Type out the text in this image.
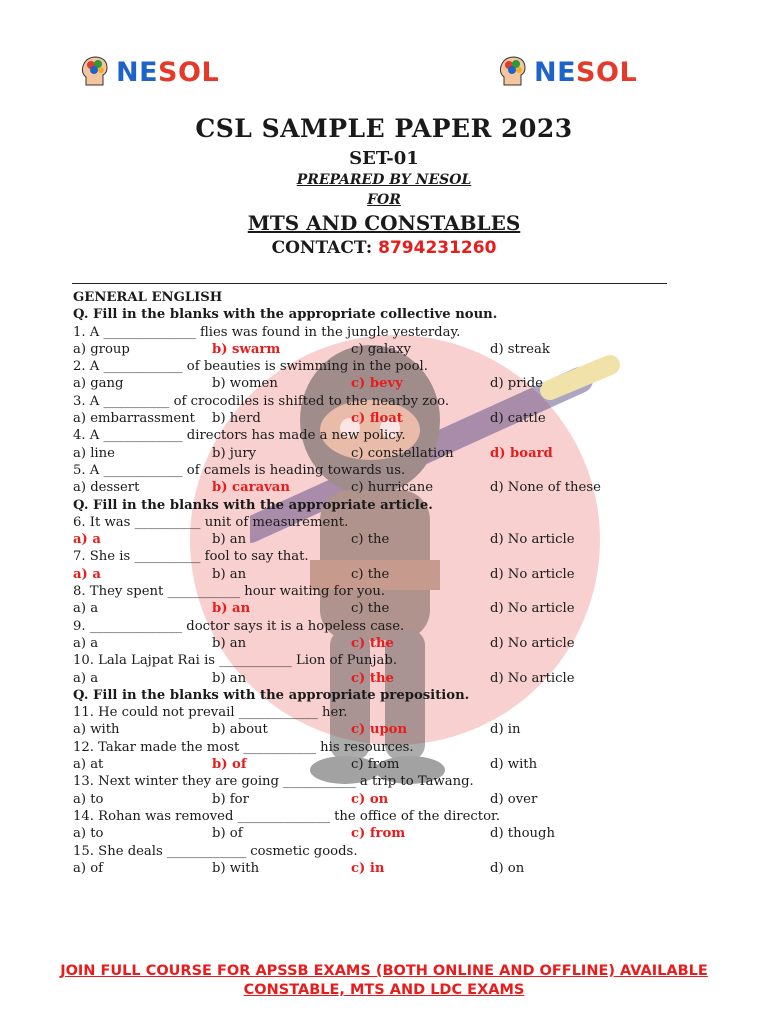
NESOL	NESOL
CSL SAMPLE PAPER 2023
SET-01
PREPARED BY NESOL
FOR
MTS AND CONSTABLES
CONTACT: 8794231260
GENERAL ENGLISH
Q. Fill in the blanks with the appropriate collective noun.
1. A ______________ flies was found in the jungle yesterday.
a) group	b) swarm	c) galaxy	d) streak
2. A ____________ of beauties is swimming in the pool.
a) gang	b) women	c) bevy	d) pride
3. A __________ of crocodiles is shifted to the nearby zoo.
a) embarrassment	b) herd	c) float	d) cattle
4. A ____________ directors has made a new policy.
a) line	b) jury	c) constellation	d) board
5. A ____________ of camels is heading towards us.
a) dessert	b) caravan	c) hurricane	d) None of these
Q. Fill in the blanks with the appropriate article.
6. It was __________ unit of measurement.
a) a	b) an	c) the	d) No article
7. She is __________ fool to say that.
a) a	b) an	c) the	d) No article
8. They spent ___________ hour waiting for you.
a) a	b) an	c) the	d) No article
9. ______________ doctor says it is a hopeless case.
a) a	b) an	c) the	d) No article
10. Lala Lajpat Rai is ___________ Lion of Punjab.
a) a	b) an	c) the	d) No article
Q. Fill in the blanks with the appropriate preposition.
11. He could not prevail ____________ her.
a) with	b) about	c) upon	d) in
12. Takar made the most ___________ his resources.
a) at	b) of	c) from	d) with
13. Next winter they are going ___________ a trip to Tawang.
a) to	b) for	c) on	d) over
14. Rohan was removed ______________ the office of the director.
a) to	b) of	c) from	d) though
15. She deals ____________ cosmetic goods.
a) of	b) with	c) in	d) on
JOIN FULL COURSE FOR APSSB EXAMS (BOTH ONLINE AND OFFLINE) AVAILABLE
CONSTABLE, MTS AND LDC EXAMS
